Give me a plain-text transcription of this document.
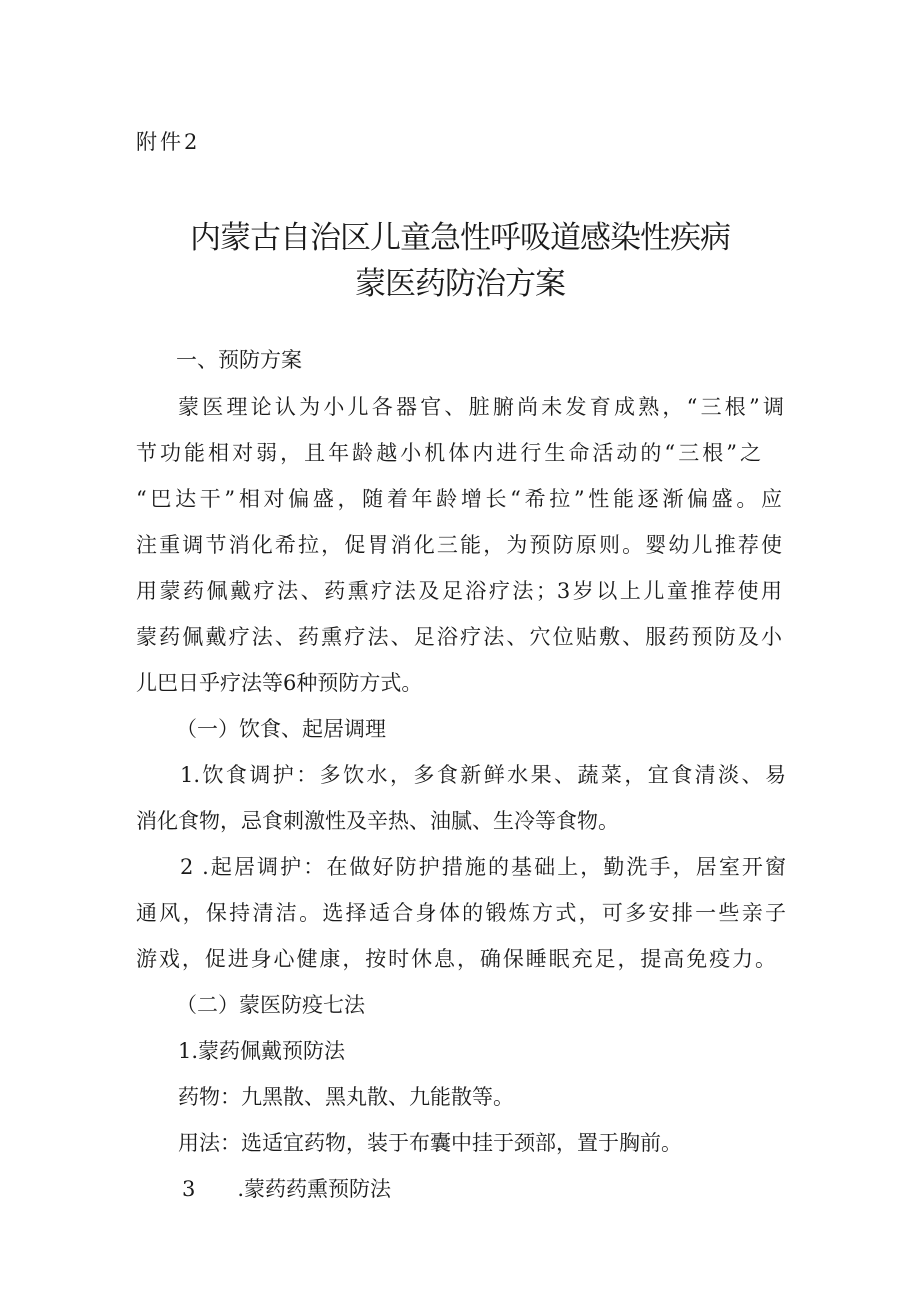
附件2
内蒙古自治区儿童急性呼吸道感染性疾病
蒙医药防治方案
一、预防方案
蒙医理论认为小儿各器官、脏腑尚未发育成熟，“三根”调
节功能相对弱，且年龄越小机体内进行生命活动的“三根”之
“巴达干”相对偏盛，随着年龄增长“希拉”性能逐渐偏盛。应
注重调节消化希拉，促胃消化三能，为预防原则。婴幼儿推荐使
用蒙药佩戴疗法、药熏疗法及足浴疗法；3岁以上儿童推荐使用
蒙药佩戴疗法、药熏疗法、足浴疗法、穴位贴敷、服药预防及小
儿巴日乎疗法等6种预防方式。
（一）饮食、起居调理
1.饮食调护：多饮水，多食新鲜水果、蔬菜，宜食清淡、易
消化食物，忌食刺激性及辛热、油腻、生冷等食物。
2 .起居调护：在做好防护措施的基础上，勤洗手，居室开窗
通风，保持清洁。选择适合身体的锻炼方式，可多安排一些亲子
游戏，促进身心健康，按时休息，确保睡眠充足，提高免疫力。
（二）蒙医防疫七法
1.蒙药佩戴预防法
药物：九黑散、黑丸散、九能散等。
用法：选适宜药物，装于布囊中挂于颈部，置于胸前。
3　　.蒙药药熏预防法
